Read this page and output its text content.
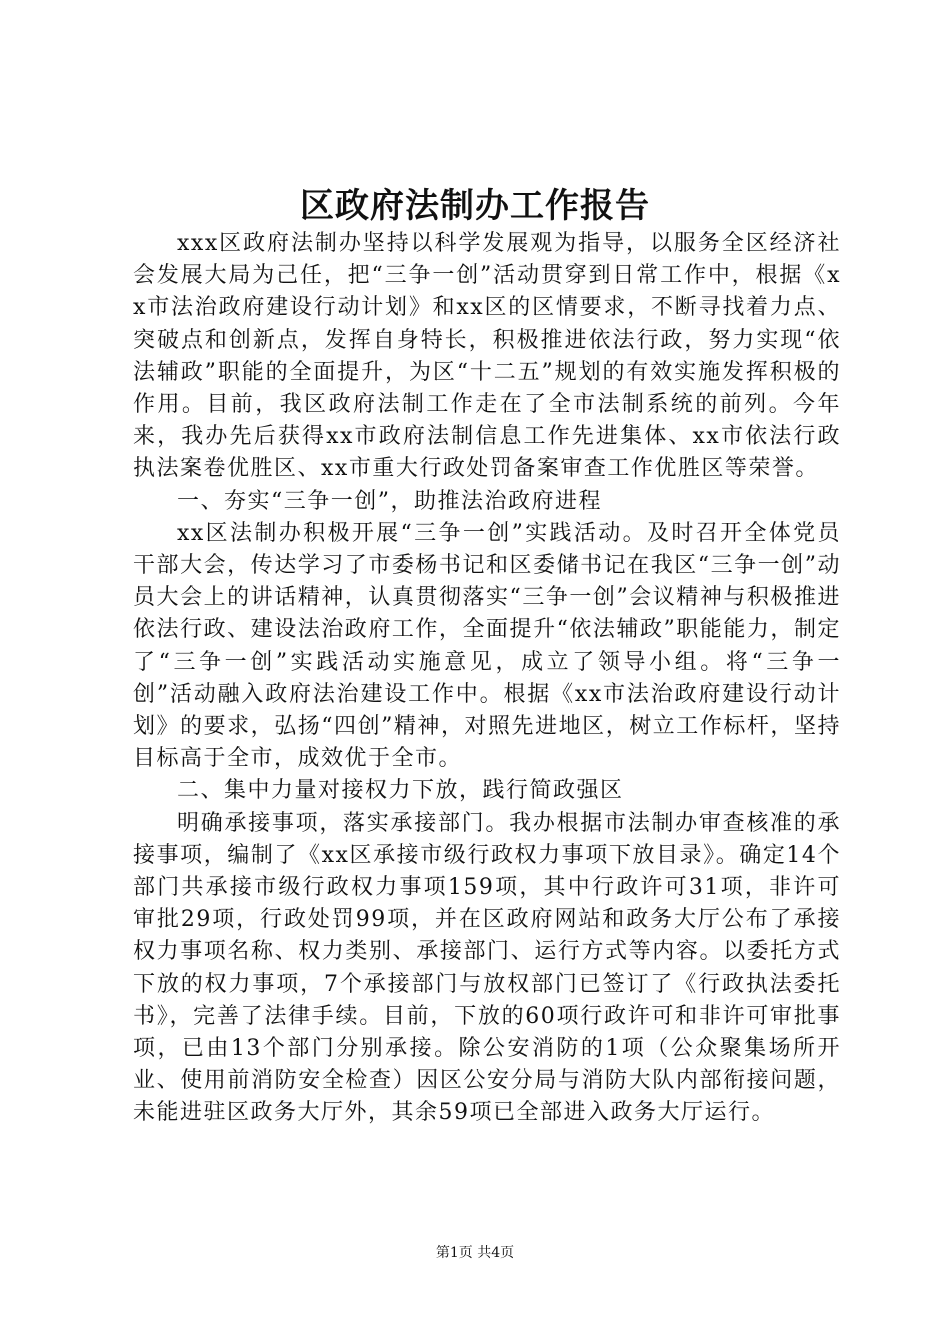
区政府法制办工作报告

xxx区政府法制办坚持以科学发展观为指导，以服务全区经济社会发展大局为己任，把“三争一创”活动贯穿到日常工作中，根据《xx市法治政府建设行动计划》和xx区的区情要求，不断寻找着力点、突破点和创新点，发挥自身特长，积极推进依法行政，努力实现“依法辅政”职能的全面提升，为区“十二五”规划的有效实施发挥积极的作用。目前，我区政府法制工作走在了全市法制系统的前列。今年来，我办先后获得xx市政府法制信息工作先进集体、xx市依法行政执法案卷优胜区、xx市重大行政处罚备案审查工作优胜区等荣誉。

一、夯实“三争一创”，助推法治政府进程

xx区法制办积极开展“三争一创”实践活动。及时召开全体党员干部大会，传达学习了市委杨书记和区委储书记在我区“三争一创”动员大会上的讲话精神，认真贯彻落实“三争一创”会议精神与积极推进依法行政、建设法治政府工作，全面提升“依法辅政”职能能力，制定了“三争一创”实践活动实施意见，成立了领导小组。将“三争一创”活动融入政府法治建设工作中。根据《xx市法治政府建设行动计划》的要求，弘扬“四创”精神，对照先进地区，树立工作标杆，坚持目标高于全市，成效优于全市。

二、集中力量对接权力下放，践行简政强区

明确承接事项，落实承接部门。我办根据市法制办审查核准的承接事项，编制了《xx区承接市级行政权力事项下放目录》。确定14个部门共承接市级行政权力事项159项，其中行政许可31项，非许可审批29项，行政处罚99项，并在区政府网站和政务大厅公布了承接权力事项名称、权力类别、承接部门、运行方式等内容。以委托方式下放的权力事项，7个承接部门与放权部门已签订了《行政执法委托书》，完善了法律手续。目前，下放的60项行政许可和非许可审批事项，已由13个部门分别承接。除公安消防的1项（公众聚集场所开业、使用前消防安全检查）因区公安分局与消防大队内部衔接问题，未能进驻区政务大厅外，其余59项已全部进入政务大厅运行。

第1页 共4页
